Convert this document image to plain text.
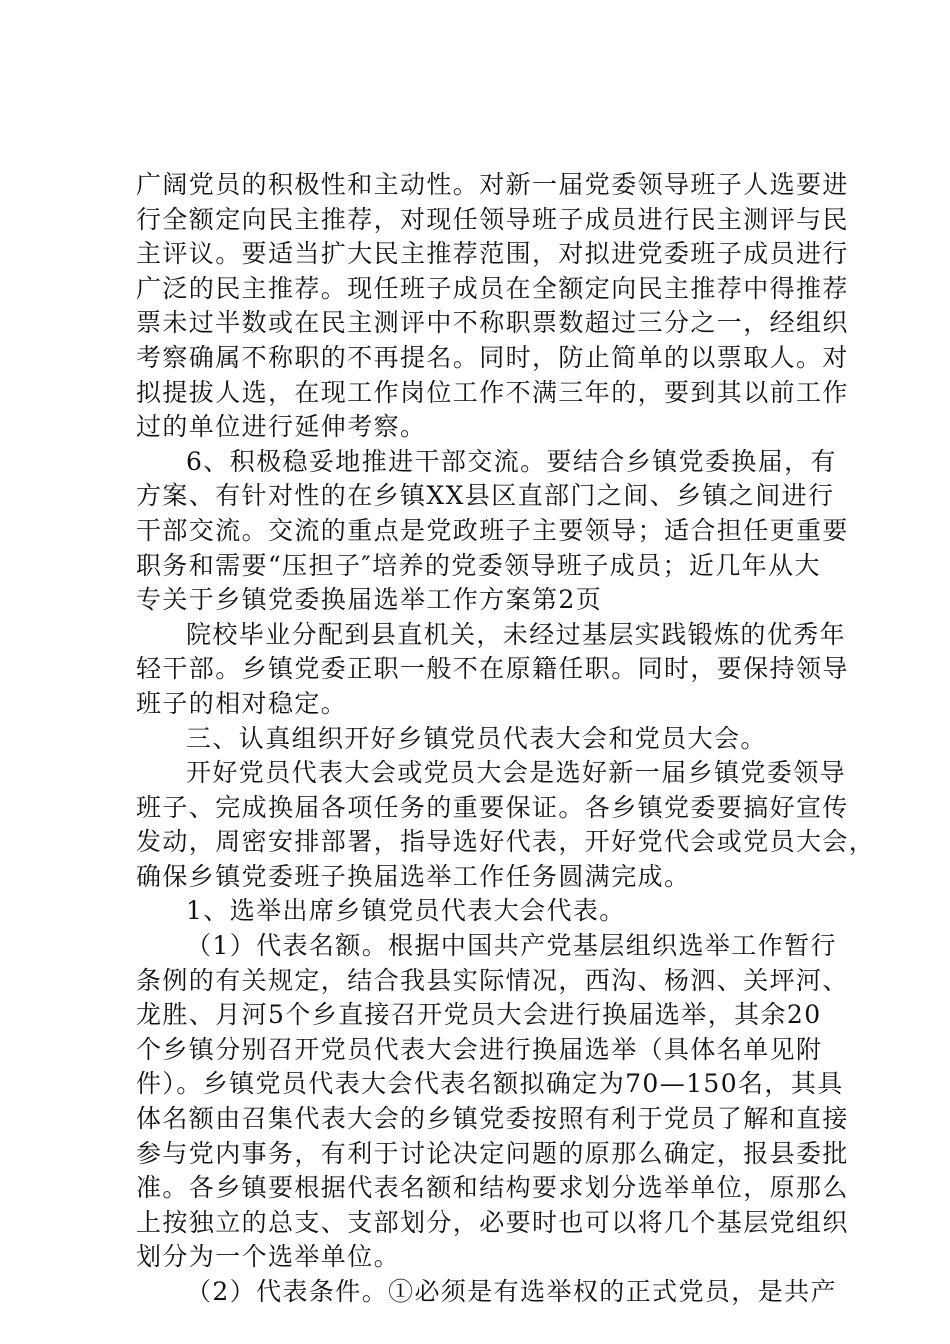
广阔党员的积极性和主动性。对新一届党委领导班子人选要进
行全额定向民主推荐，对现任领导班子成员进行民主测评与民
主评议。要适当扩大民主推荐范围，对拟进党委班子成员进行
广泛的民主推荐。现任班子成员在全额定向民主推荐中得推荐
票未过半数或在民主测评中不称职票数超过三分之一，经组织
考察确属不称职的不再提名。同时，防止简单的以票取人。对
拟提拔人选，在现工作岗位工作不满三年的，要到其以前工作
过的单位进行延伸考察。
6、积极稳妥地推进干部交流。要结合乡镇党委换届，有
方案、有针对性的在乡镇XX县区直部门之间、乡镇之间进行
干部交流。交流的重点是党政班子主要领导；适合担任更重要
职务和需要“压担子″培养的党委领导班子成员；近几年从大
专关于乡镇党委换届选举工作方案第2页
院校毕业分配到县直机关，未经过基层实践锻炼的优秀年
轻干部。乡镇党委正职一般不在原籍任职。同时，要保持领导
班子的相对稳定。
三、认真组织开好乡镇党员代表大会和党员大会。
开好党员代表大会或党员大会是选好新一届乡镇党委领导
班子、完成换届各项任务的重要保证。各乡镇党委要搞好宣传
发动，周密安排部署，指导选好代表，开好党代会或党员大会，
确保乡镇党委班子换届选举工作任务圆满完成。
1、选举出席乡镇党员代表大会代表。
（1）代表名额。根据中国共产党基层组织选举工作暂行
条例的有关规定，结合我县实际情况，西沟、杨泗、关坪河、
龙胜、月河5个乡直接召开党员大会进行换届选举，其余20
个乡镇分别召开党员代表大会进行换届选举（具体名单见附
件）。乡镇党员代表大会代表名额拟确定为70—150名，其具
体名额由召集代表大会的乡镇党委按照有利于党员了解和直接
参与党内事务，有利于讨论决定问题的原那么确定，报县委批
准。各乡镇要根据代表名额和结构要求划分选举单位，原那么
上按独立的总支、支部划分，必要时也可以将几个基层党组织
划分为一个选举单位。
（2）代表条件。①必须是有选举权的正式党员，是共产
